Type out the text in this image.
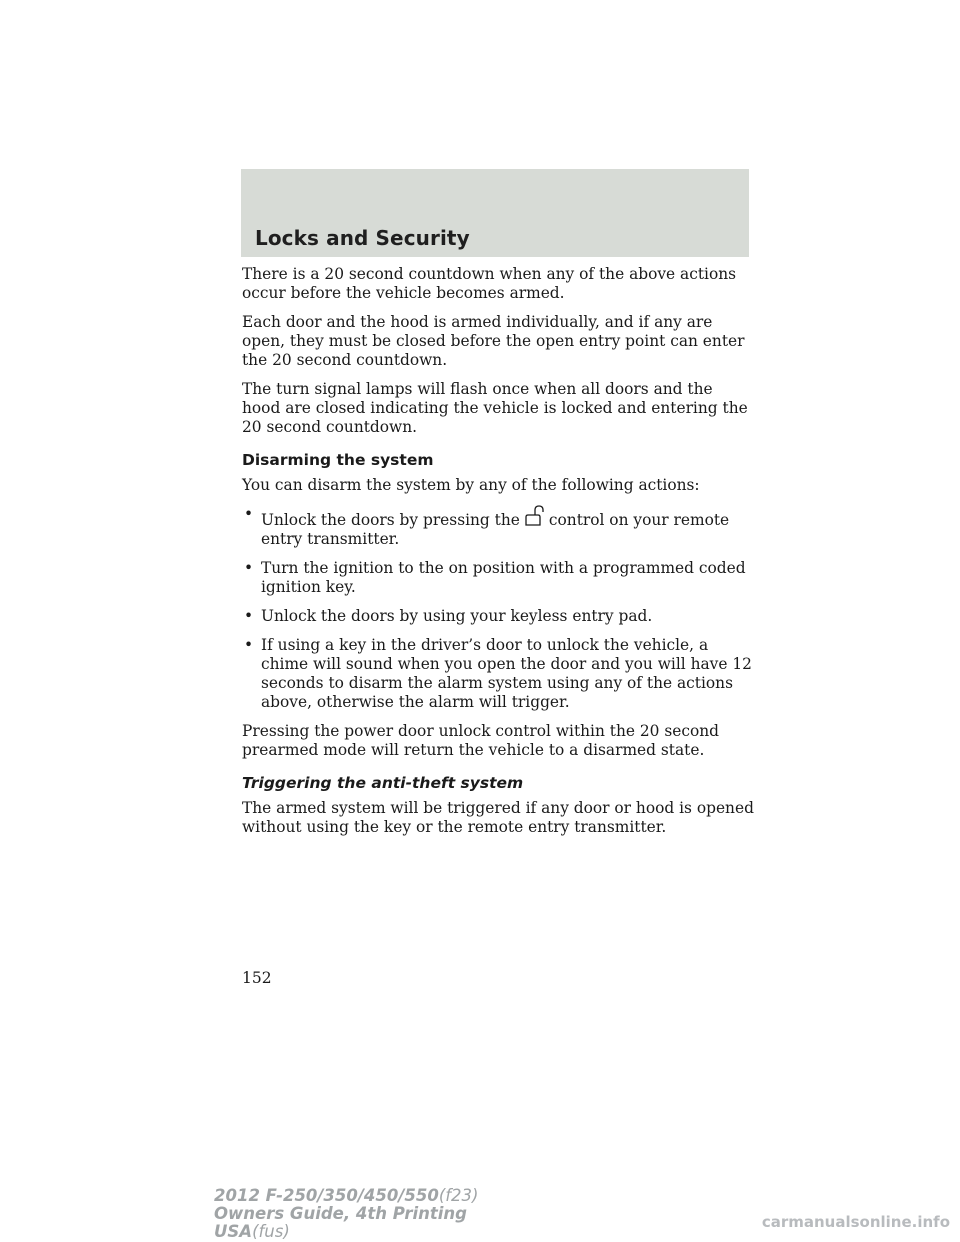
Locks and Security

There is a 20 second countdown when any of the above actions occur before the vehicle becomes armed.

Each door and the hood is armed individually, and if any are open, they must be closed before the open entry point can enter the 20 second countdown.

The turn signal lamps will flash once when all doors and the hood are closed indicating the vehicle is locked and entering the 20 second countdown.

Disarming the system

You can disarm the system by any of the following actions:

• Unlock the doors by pressing the control on your remote entry transmitter.
• Turn the ignition to the on position with a programmed coded ignition key.
• Unlock the doors by using your keyless entry pad.
• If using a key in the driver’s door to unlock the vehicle, a chime will sound when you open the door and you will have 12 seconds to disarm the alarm system using any of the actions above, otherwise the alarm will trigger.

Pressing the power door unlock control within the 20 second prearmed mode will return the vehicle to a disarmed state.

Triggering the anti-theft system

The armed system will be triggered if any door or hood is opened without using the key or the remote entry transmitter.

152
2012 F-250/350/450/550(f23)
Owners Guide, 4th Printing
USA(fus)	carmanualsonline.info
